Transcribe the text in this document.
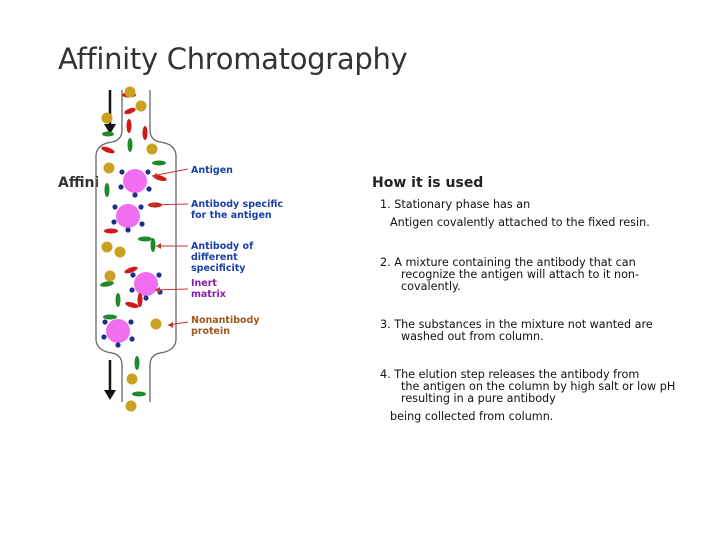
Affinity Chromatography
Affini
Antigen
Antibody specific
for the antigen
Antibody of
different
specificity
Inert
matrix
Nonantibody
protein
How it is used
1. Stationary phase has an
Antigen covalently attached to the fixed resin.
2. A mixture containing the antibody that can
recognize the antigen will attach to it non-covalently.
3. The substances in the mixture not wanted are
washed out from column.
4. The elution step releases the antibody from
the antigen on the column by high salt or low pH resulting in a pure antibody
being collected from column.
